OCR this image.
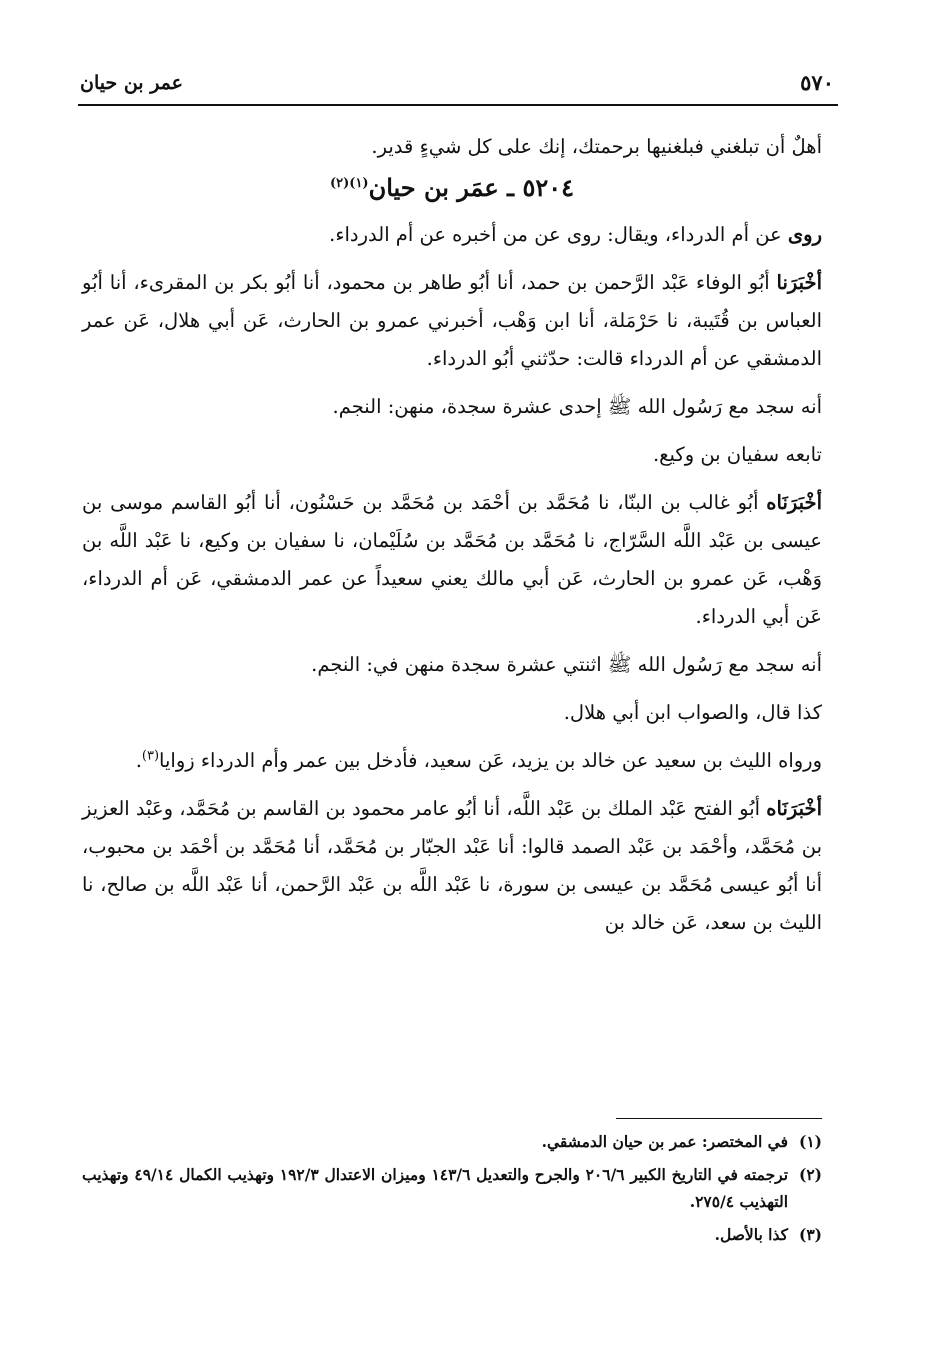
عمر بن حيان	٥٧٠

أهلٌ أن تبلغني فبلغنيها برحمتك، إنك على كل شيءٍ قدير.

٥٢٠٤ ـ عمَر بن حيان$^{(١)(٢)}$

روى عن أم الدرداء، ويقال: روى عن من أخبره عن أم الدرداء.

أخْبَرَنا أبُو الوفاء عَبْد الرَّحمن بن حمد، أنا أبُو طاهر بن محمود، أنا أبُو بكر بن المقرىء، أنا أبُو العباس بن قُتَيبة، نا حَرْمَلة، أنا ابن وَهْب، أخبرني عمرو بن الحارث، عَن أبي هلال، عَن عمر الدمشقي عن أم الدرداء قالت: حدّثني أبُو الدرداء.

أنه سجد مع رَسُول الله ﷺ إحدى عشرة سجدة، منهن: النجم.

تابعه سفيان بن وكيع.

أخْبَرَنَاه أبُو غالب بن البنّا، نا مُحَمَّد بن أحْمَد بن مُحَمَّد بن حَسْنُون، أنا أبُو القاسم موسى بن عيسى بن عَبْد اللَّه السَّرّاج، نا مُحَمَّد بن مُحَمَّد بن سُلَيْمان، نا سفيان بن وكيع، نا عَبْد اللَّه بن وَهْب، عَن عمرو بن الحارث، عَن أبي مالك يعني سعيداً عن عمر الدمشقي، عَن أم الدرداء، عَن أبي الدرداء.

أنه سجد مع رَسُول الله ﷺ اثنتي عشرة سجدة منهن في: النجم.

كذا قال، والصواب ابن أبي هلال.

ورواه الليث بن سعيد عن خالد بن يزيد، عَن سعيد، فأدخل بين عمر وأم الدرداء زوايا$^{(٣)}$.

أخْبَرَنَاه أبُو الفتح عَبْد الملك بن عَبْد اللَّه، أنا أبُو عامر محمود بن القاسم بن مُحَمَّد، وعَبْد العزيز بن مُحَمَّد، وأحْمَد بن عَبْد الصمد قالوا: أنا عَبْد الجبّار بن مُحَمَّد، أنا مُحَمَّد بن أحْمَد بن محبوب، أنا أبُو عيسى مُحَمَّد بن عيسى بن سورة، نا عَبْد اللَّه بن عَبْد الرَّحمن، أنا عَبْد اللَّه بن صالح، نا الليث بن سعد، عَن خالد بن

(١)
في المختصر: عمر بن حيان الدمشقي.
(٢)
ترجمته في التاريخ الكبير ٢٠٦/٦ والجرح والتعديل ١٤٣/٦ وميزان الاعتدال ١٩٢/٣ وتهذيب الكمال ٤٩/١٤ وتهذيب التهذيب ٢٧٥/٤.
(٣)
كذا بالأصل.
